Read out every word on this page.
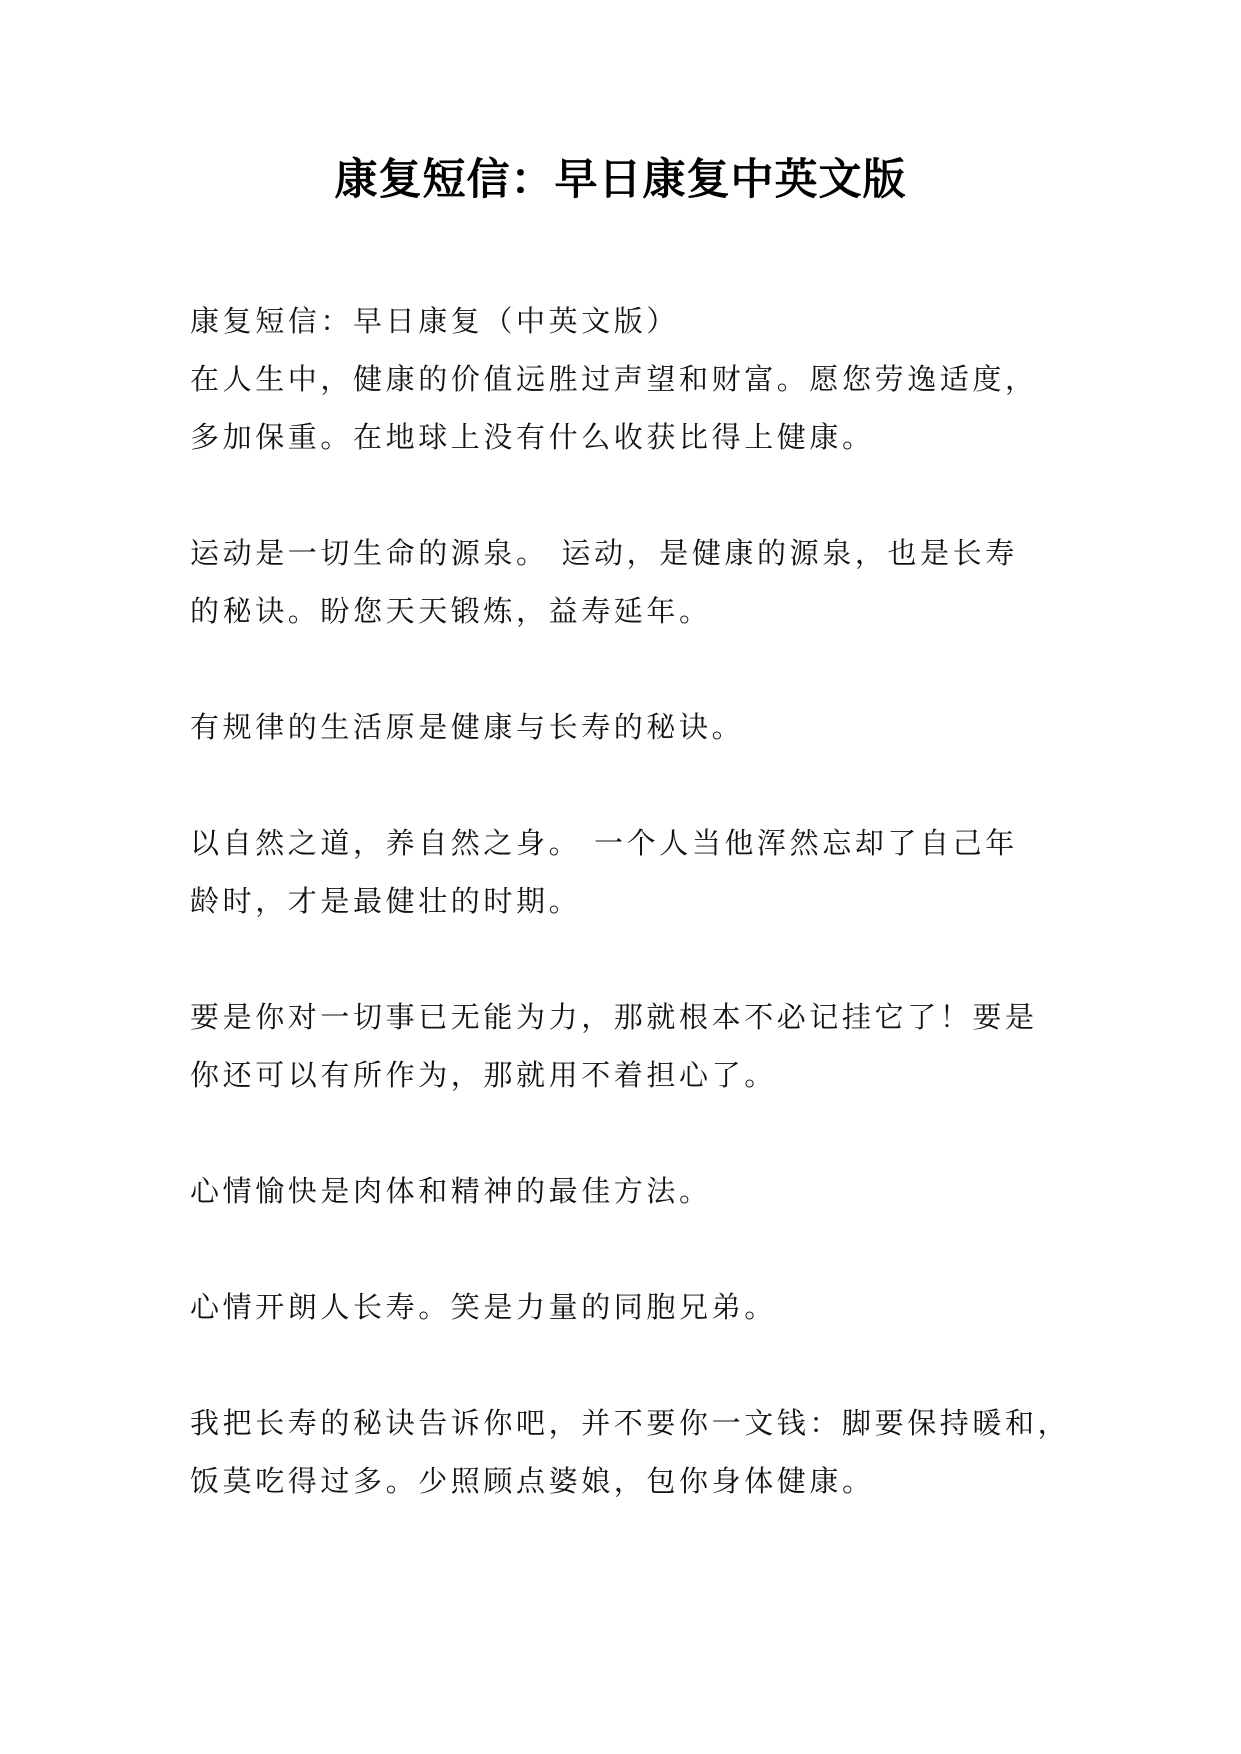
康复短信：早日康复中英文版
康复短信：早日康复（中英文版）
在人生中，健康的价值远胜过声望和财富。愿您劳逸适度，
多加保重。在地球上没有什么收获比得上健康。
运动是一切生命的源泉。 运动，是健康的源泉，也是长寿
的秘诀。盼您天天锻炼，益寿延年。
有规律的生活原是健康与长寿的秘诀。
以自然之道，养自然之身。 一个人当他浑然忘却了自己年
龄时，才是最健壮的时期。
要是你对一切事已无能为力，那就根本不必记挂它了！要是
你还可以有所作为，那就用不着担心了。
心情愉快是肉体和精神的最佳方法。
心情开朗人长寿。笑是力量的同胞兄弟。
我把长寿的秘诀告诉你吧，并不要你一文钱：脚要保持暖和，
饭莫吃得过多。少照顾点婆娘，包你身体健康。
